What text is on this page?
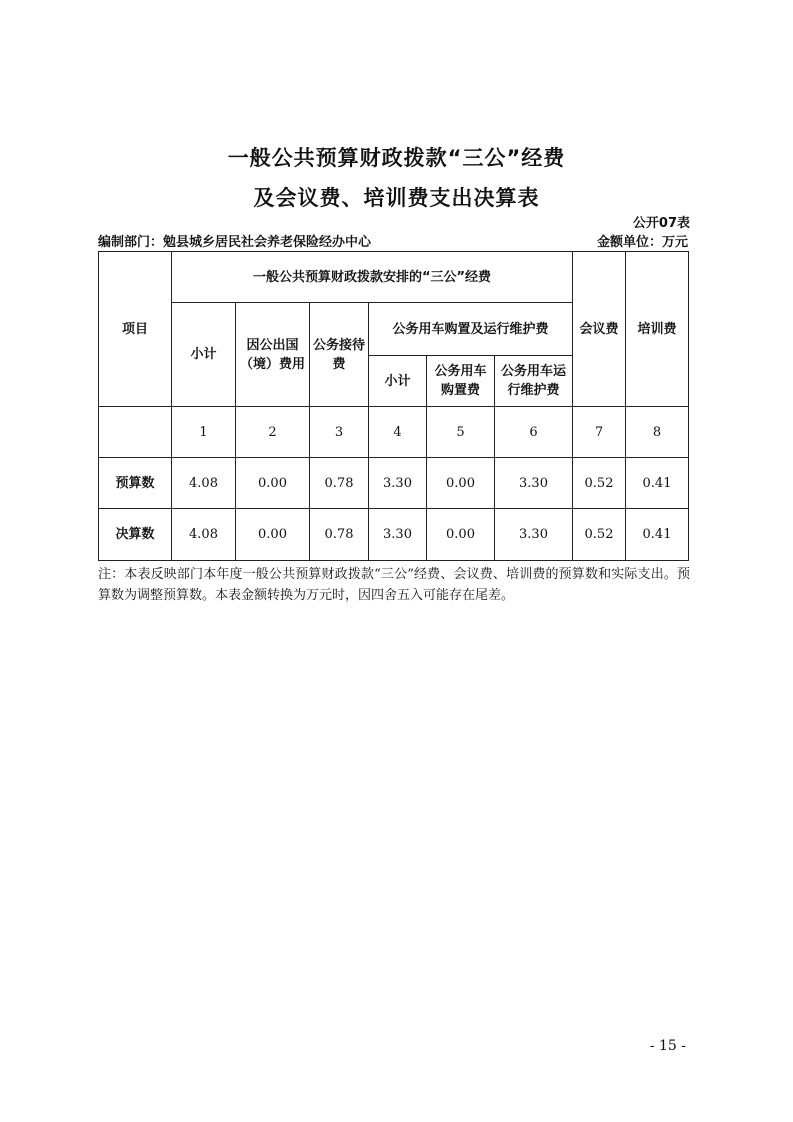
一般公共预算财政拨款“三公”经费
及会议费、培训费支出决算表
公开07表
编制部门：勉县城乡居民社会养老保险经办中心	金额单位：万元
项目	一般公共预算财政拨款安排的“三公”经费						会议费	培训费
	小计	因公出国（境）费用	公务接待费	公务用车购置及运行维护费				
				小计	公务用车购置费	公务用车运行维护费		
	1	2	3	4	5	6	7	8
预算数	4.08	0.00	0.78	3.30	0.00	3.30	0.52	0.41
决算数	4.08	0.00	0.78	3.30	0.00	3.30	0.52	0.41
注：本表反映部门本年度一般公共预算财政拨款“三公”经费、会议费、培训费的预算数和实际支出。预算数为调整预算数。本表金额转换为万元时，因四舍五入可能存在尾差。
- 15 -
